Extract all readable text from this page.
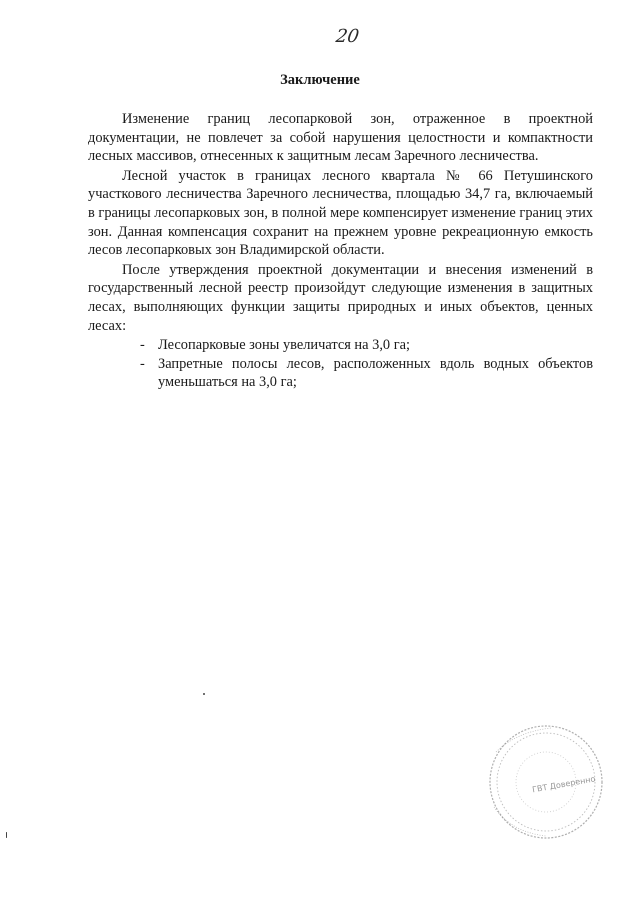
20
Заключение

Изменение границ лесопарковой зон, отраженное в проектной документации, не повлечет за собой нарушения целостности и компактности лесных массивов, отнесенных к защитным лесам Заречного лесничества.

Лесной участок в границах лесного квартала № 66 Петушинского участкового лесничества Заречного лесничества, площадью 34,7 га, включаемый в границы лесопарковых зон, в полной мере компенсирует изменение границ этих зон. Данная компенсация сохранит на прежнем уровне рекреационную емкость лесов лесопарковых зон Владимирской области.

После утверждения проектной документации и внесения изменений в государственный лесной реестр произойдут следующие изменения в защитных лесах, выполняющих функции защиты природных и иных объектов, ценных лесах:

- Лесопарковые зоны увеличатся на 3,0 га;
- Запретные полосы лесов, расположенных вдоль водных объектов уменьшаться на 3,0 га;
ГВТ Доверенно
